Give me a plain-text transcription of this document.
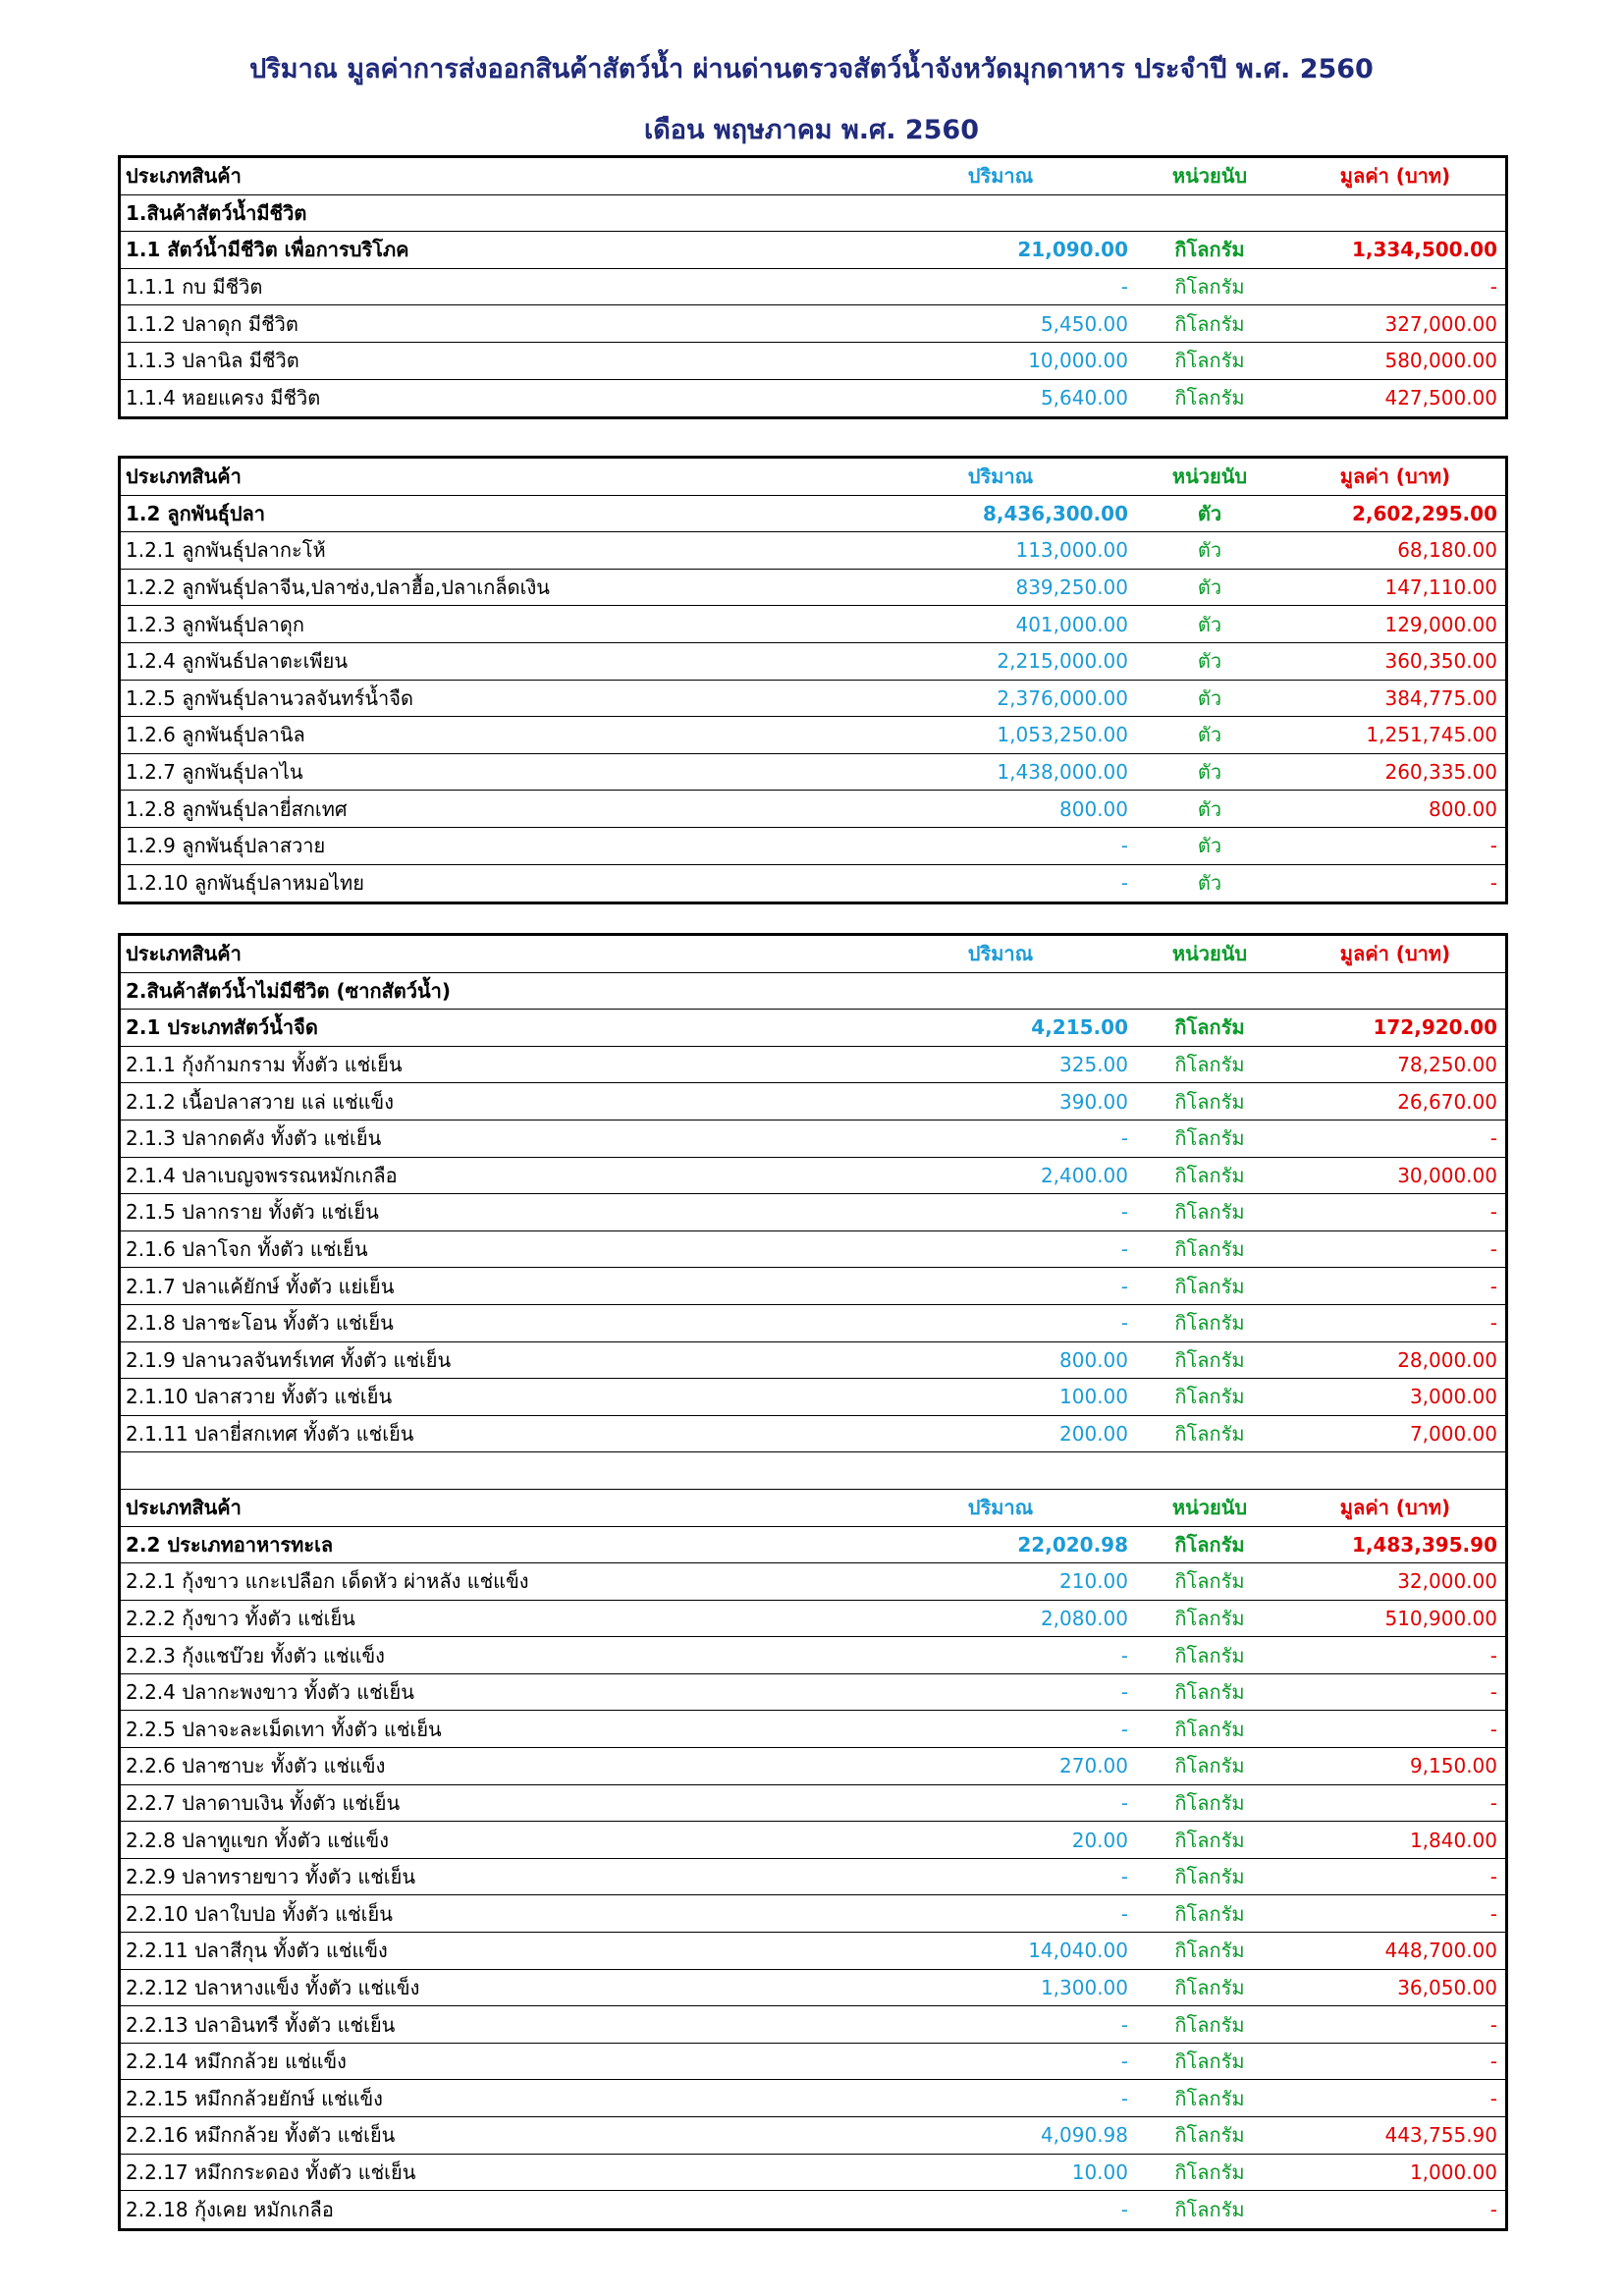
ปริมาณ มูลค่าการส่งออกสินค้าสัตว์น้ำ ผ่านด่านตรวจสัตว์น้ำจังหวัดมุกดาหาร ประจำปี พ.ศ. 2560
เดือน พฤษภาคม พ.ศ. 2560
ประเภทสินค้า	ปริมาณ	หน่วยนับ	มูลค่า (บาท)
1.สินค้าสัตว์น้ำมีชีวิต
1.1 สัตว์น้ำมีชีวิต เพื่อการบริโภค	21,090.00	กิโลกรัม	1,334,500.00
1.1.1 กบ มีชีวิต	-	กิโลกรัม	-
1.1.2 ปลาดุก มีชีวิต	5,450.00	กิโลกรัม	327,000.00
1.1.3 ปลานิล มีชีวิต	10,000.00	กิโลกรัม	580,000.00
1.1.4 หอยแครง มีชีวิต	5,640.00	กิโลกรัม	427,500.00
ประเภทสินค้า	ปริมาณ	หน่วยนับ	มูลค่า (บาท)
1.2 ลูกพันธุ์ปลา	8,436,300.00	ตัว	2,602,295.00
1.2.1 ลูกพันธุ์ปลากะโห้	113,000.00	ตัว	68,180.00
1.2.2 ลูกพันธุ์ปลาจีน,ปลาซ่ง,ปลาฮื้อ,ปลาเกล็ดเงิน	839,250.00	ตัว	147,110.00
1.2.3 ลูกพันธุ์ปลาดุก	401,000.00	ตัว	129,000.00
1.2.4 ลูกพันธ์ปลาตะเพียน	2,215,000.00	ตัว	360,350.00
1.2.5 ลูกพันธุ์ปลานวลจันทร์น้ำจืด	2,376,000.00	ตัว	384,775.00
1.2.6 ลูกพันธุ์ปลานิล	1,053,250.00	ตัว	1,251,745.00
1.2.7 ลูกพันธุ์ปลาไน	1,438,000.00	ตัว	260,335.00
1.2.8 ลูกพันธุ์ปลายี่สกเทศ	800.00	ตัว	800.00
1.2.9 ลูกพันธุ์ปลาสวาย	-	ตัว	-
1.2.10 ลูกพันธุ์ปลาหมอไทย	-	ตัว	-
ประเภทสินค้า	ปริมาณ	หน่วยนับ	มูลค่า (บาท)
2.สินค้าสัตว์น้ำไม่มีชีวิต (ซากสัตว์น้ำ)
2.1 ประเภทสัตว์น้ำจืด	4,215.00	กิโลกรัม	172,920.00
2.1.1 กุ้งก้ามกราม ทั้งตัว แช่เย็น	325.00	กิโลกรัม	78,250.00
2.1.2 เนื้อปลาสวาย แล่ แช่แข็ง	390.00	กิโลกรัม	26,670.00
2.1.3 ปลากดคัง ทั้งตัว แช่เย็น	-	กิโลกรัม	-
2.1.4 ปลาเบญจพรรณหมักเกลือ	2,400.00	กิโลกรัม	30,000.00
2.1.5 ปลากราย ทั้งตัว แช่เย็น	-	กิโลกรัม	-
2.1.6 ปลาโจก ทั้งตัว แช่เย็น	-	กิโลกรัม	-
2.1.7 ปลาแค้ยักษ์ ทั้งตัว แย่เย็น	-	กิโลกรัม	-
2.1.8 ปลาชะโอน ทั้งตัว แช่เย็น	-	กิโลกรัม	-
2.1.9 ปลานวลจันทร์เทศ ทั้งตัว แช่เย็น	800.00	กิโลกรัม	28,000.00
2.1.10 ปลาสวาย ทั้งตัว แช่เย็น	100.00	กิโลกรัม	3,000.00
2.1.11 ปลายี่สกเทศ ทั้งตัว แช่เย็น	200.00	กิโลกรัม	7,000.00
ประเภทสินค้า	ปริมาณ	หน่วยนับ	มูลค่า (บาท)
2.2 ประเภทอาหารทะเล	22,020.98	กิโลกรัม	1,483,395.90
2.2.1 กุ้งขาว แกะเปลือก เด็ดหัว ผ่าหลัง แช่แข็ง	210.00	กิโลกรัม	32,000.00
2.2.2 กุ้งขาว ทั้งตัว แช่เย็น	2,080.00	กิโลกรัม	510,900.00
2.2.3 กุ้งแชบ๊วย ทั้งตัว แช่แข็ง	-	กิโลกรัม	-
2.2.4 ปลากะพงขาว ทั้งตัว แช่เย็น	-	กิโลกรัม	-
2.2.5 ปลาจะละเม็ดเทา ทั้งตัว แช่เย็น	-	กิโลกรัม	-
2.2.6 ปลาซาบะ ทั้งตัว แช่แข็ง	270.00	กิโลกรัม	9,150.00
2.2.7 ปลาดาบเงิน ทั้งตัว แช่เย็น	-	กิโลกรัม	-
2.2.8 ปลาทูแขก ทั้งตัว แช่แข็ง	20.00	กิโลกรัม	1,840.00
2.2.9 ปลาทรายขาว ทั้งตัว แช่เย็น	-	กิโลกรัม	-
2.2.10 ปลาใบปอ ทั้งตัว แช่เย็น	-	กิโลกรัม	-
2.2.11 ปลาสีกุน ทั้งตัว แช่แข็ง	14,040.00	กิโลกรัม	448,700.00
2.2.12 ปลาหางแข็ง ทั้งตัว แช่แข็ง	1,300.00	กิโลกรัม	36,050.00
2.2.13 ปลาอินทรี ทั้งตัว แช่เย็น	-	กิโลกรัม	-
2.2.14 หมึกกล้วย แช่แข็ง	-	กิโลกรัม	-
2.2.15 หมึกกล้วยยักษ์ แช่แข็ง	-	กิโลกรัม	-
2.2.16 หมึกกล้วย ทั้งตัว แช่เย็น	4,090.98	กิโลกรัม	443,755.90
2.2.17 หมึกกระดอง ทั้งตัว แช่เย็น	10.00	กิโลกรัม	1,000.00
2.2.18 กุ้งเคย หมักเกลือ	-	กิโลกรัม	-
